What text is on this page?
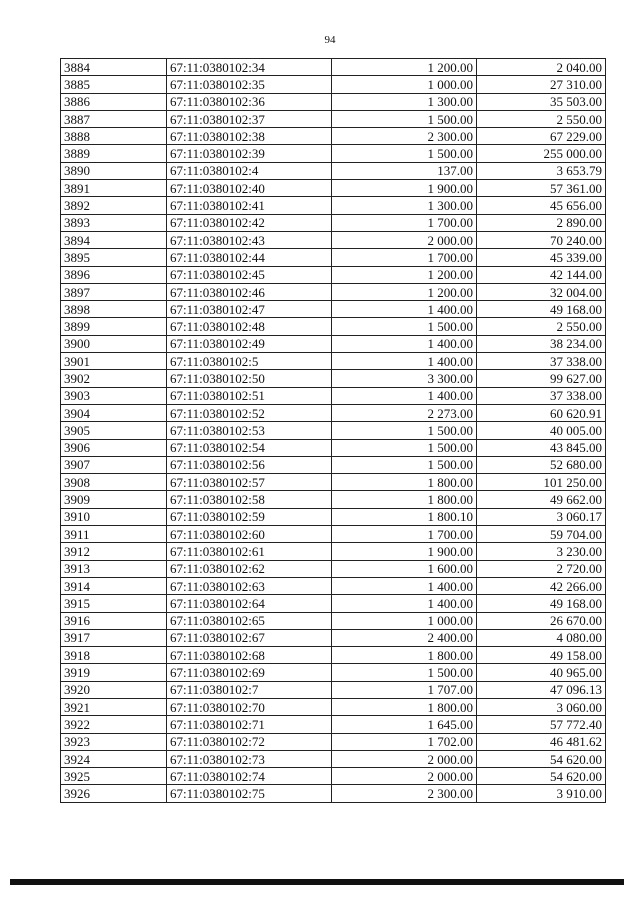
94
3884	67:11:0380102:34	1 200.00	2 040.00
3885	67:11:0380102:35	1 000.00	27 310.00
3886	67:11:0380102:36	1 300.00	35 503.00
3887	67:11:0380102:37	1 500.00	2 550.00
3888	67:11:0380102:38	2 300.00	67 229.00
3889	67:11:0380102:39	1 500.00	255 000.00
3890	67:11:0380102:4	137.00	3 653.79
3891	67:11:0380102:40	1 900.00	57 361.00
3892	67:11:0380102:41	1 300.00	45 656.00
3893	67:11:0380102:42	1 700.00	2 890.00
3894	67:11:0380102:43	2 000.00	70 240.00
3895	67:11:0380102:44	1 700.00	45 339.00
3896	67:11:0380102:45	1 200.00	42 144.00
3897	67:11:0380102:46	1 200.00	32 004.00
3898	67:11:0380102:47	1 400.00	49 168.00
3899	67:11:0380102:48	1 500.00	2 550.00
3900	67:11:0380102:49	1 400.00	38 234.00
3901	67:11:0380102:5	1 400.00	37 338.00
3902	67:11:0380102:50	3 300.00	99 627.00
3903	67:11:0380102:51	1 400.00	37 338.00
3904	67:11:0380102:52	2 273.00	60 620.91
3905	67:11:0380102:53	1 500.00	40 005.00
3906	67:11:0380102:54	1 500.00	43 845.00
3907	67:11:0380102:56	1 500.00	52 680.00
3908	67:11:0380102:57	1 800.00	101 250.00
3909	67:11:0380102:58	1 800.00	49 662.00
3910	67:11:0380102:59	1 800.10	3 060.17
3911	67:11:0380102:60	1 700.00	59 704.00
3912	67:11:0380102:61	1 900.00	3 230.00
3913	67:11:0380102:62	1 600.00	2 720.00
3914	67:11:0380102:63	1 400.00	42 266.00
3915	67:11:0380102:64	1 400.00	49 168.00
3916	67:11:0380102:65	1 000.00	26 670.00
3917	67:11:0380102:67	2 400.00	4 080.00
3918	67:11:0380102:68	1 800.00	49 158.00
3919	67:11:0380102:69	1 500.00	40 965.00
3920	67:11:0380102:7	1 707.00	47 096.13
3921	67:11:0380102:70	1 800.00	3 060.00
3922	67:11:0380102:71	1 645.00	57 772.40
3923	67:11:0380102:72	1 702.00	46 481.62
3924	67:11:0380102:73	2 000.00	54 620.00
3925	67:11:0380102:74	2 000.00	54 620.00
3926	67:11:0380102:75	2 300.00	3 910.00
